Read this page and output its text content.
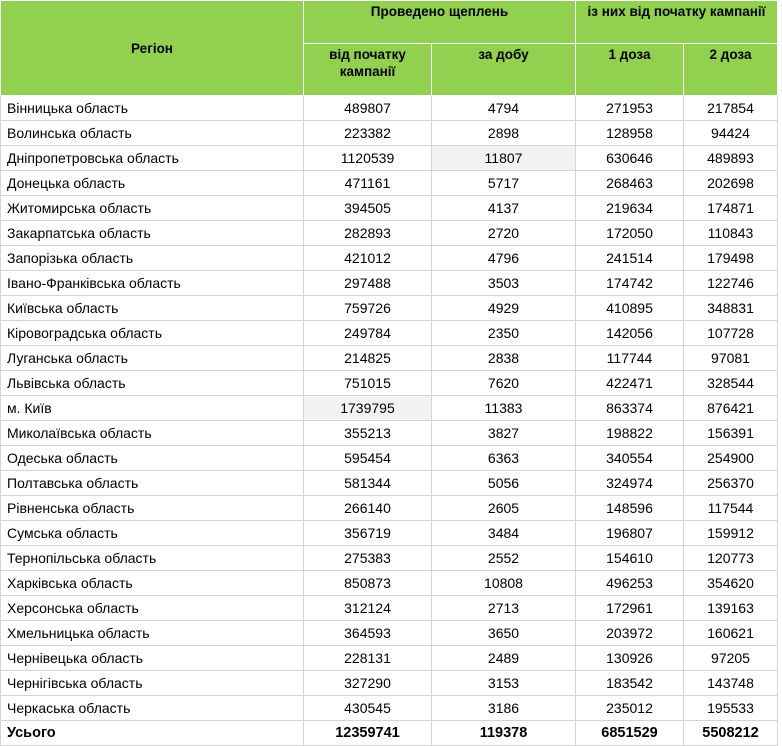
Регіон	Проведено щеплень		із них від початку кампанії	
	від початку кампанії	за добу	1 доза	2 доза
Вінницька область	489807	4794	271953	217854
Волинська область	223382	2898	128958	94424
Дніпропетровська область	1120539	11807	630646	489893
Донецька область	471161	5717	268463	202698
Житомирська область	394505	4137	219634	174871
Закарпатська область	282893	2720	172050	110843
Запорізька область	421012	4796	241514	179498
Івано-Франківська область	297488	3503	174742	122746
Київська область	759726	4929	410895	348831
Кіровоградська область	249784	2350	142056	107728
Луганська область	214825	2838	117744	97081
Львівська область	751015	7620	422471	328544
м. Київ	1739795	11383	863374	876421
Миколаївська область	355213	3827	198822	156391
Одеська область	595454	6363	340554	254900
Полтавська область	581344	5056	324974	256370
Рівненська область	266140	2605	148596	117544
Сумська область	356719	3484	196807	159912
Тернопільська область	275383	2552	154610	120773
Харківська область	850873	10808	496253	354620
Херсонська область	312124	2713	172961	139163
Хмельницька область	364593	3650	203972	160621
Чернівецька область	228131	2489	130926	97205
Чернігівська область	327290	3153	183542	143748
Черкаська область	430545	3186	235012	195533
Усього	12359741	119378	6851529	5508212
